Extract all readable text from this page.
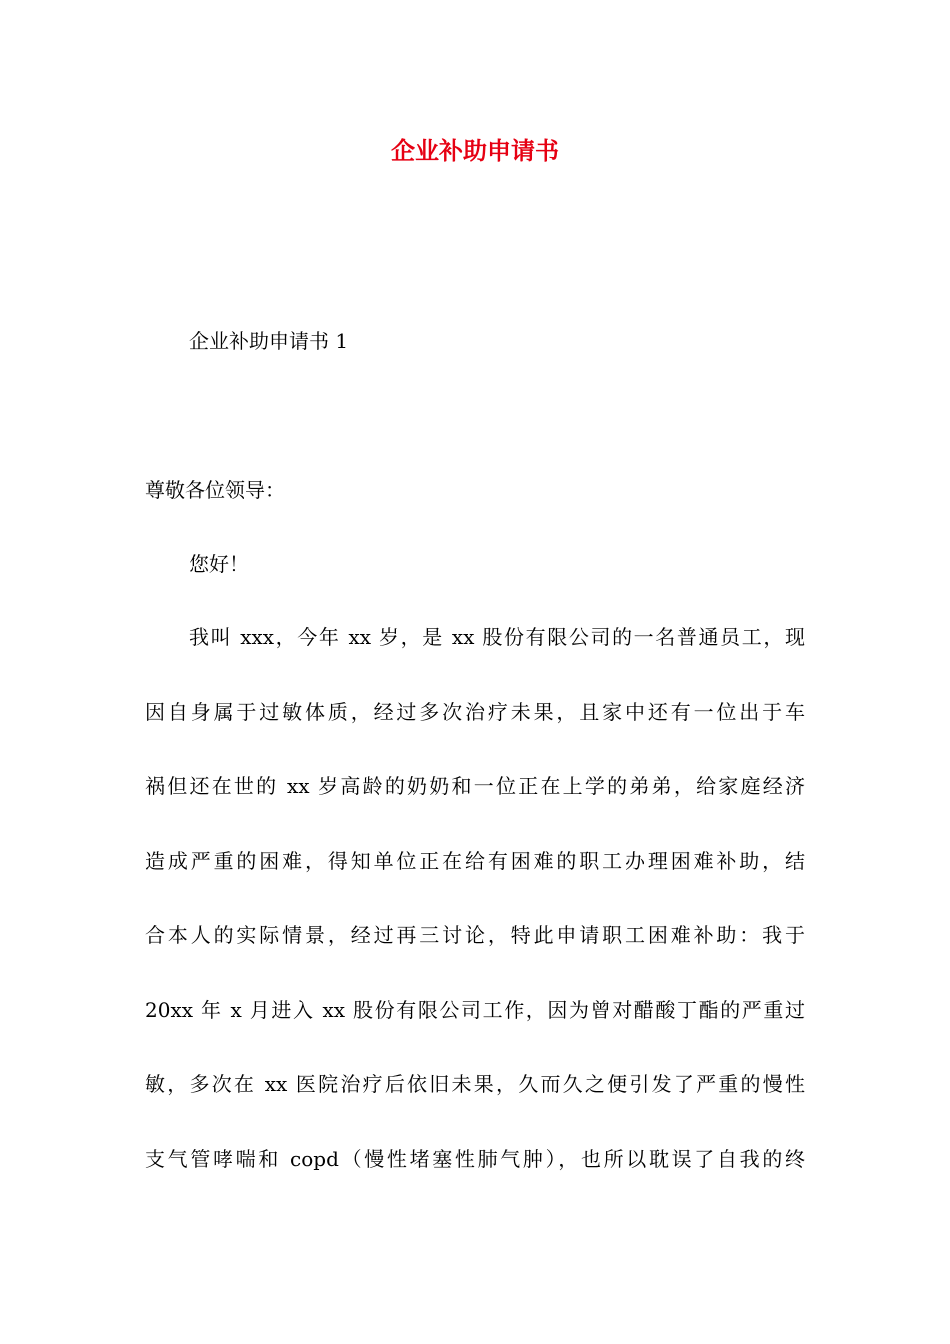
企业补助申请书

企业补助申请书 1

尊敬各位领导：

您好！

我叫 xxx，今年 xx 岁，是 xx 股份有限公司的一名普通员工，现
因自身属于过敏体质，经过多次治疗未果，且家中还有一位出于车
祸但还在世的 xx 岁高龄的奶奶和一位正在上学的弟弟，给家庭经济
造成严重的困难，得知单位正在给有困难的职工办理困难补助，结
合本人的实际情景，经过再三讨论，特此申请职工困难补助：我于
20xx 年 x 月进入 xx 股份有限公司工作，因为曾对醋酸丁酯的严重过
敏，多次在 xx 医院治疗后依旧未果，久而久之便引发了严重的慢性
支气管哮喘和 copd（慢性堵塞性肺气肿），也所以耽误了自我的终
